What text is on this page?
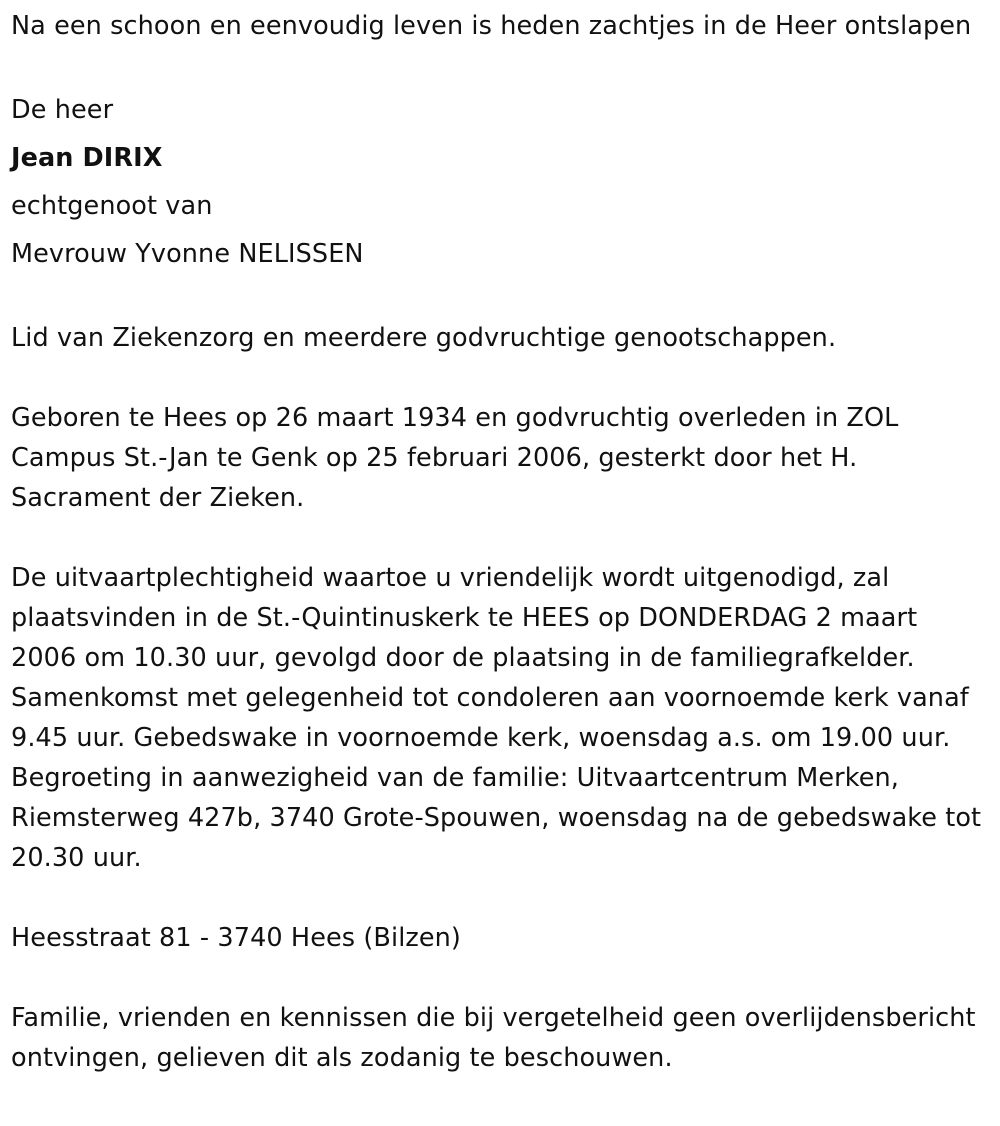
Na een schoon en eenvoudig leven is heden zachtjes in de Heer ontslapen

De heer

Jean DIRIX

echtgenoot van

Mevrouw Yvonne NELISSEN

Lid van Ziekenzorg en meerdere godvruchtige genootschappen.

Geboren te Hees op 26 maart 1934 en godvruchtig overleden in ZOL Campus St.-Jan te Genk op 25 februari 2006, gesterkt door het H. Sacrament der Zieken.

De uitvaartplechtigheid waartoe u vriendelijk wordt uitgenodigd, zal plaatsvinden in de St.-Quintinuskerk te HEES op DONDERDAG 2 maart 2006 om 10.30 uur, gevolgd door de plaatsing in de familiegrafkelder. Samenkomst met gelegenheid tot condoleren aan voornoemde kerk vanaf 9.45 uur. Gebedswake in voornoemde kerk, woensdag a.s. om 19.00 uur. Begroeting in aanwezigheid van de familie: Uitvaartcentrum Merken, Riemsterweg 427b, 3740 Grote-Spouwen, woensdag na de gebedswake tot 20.30 uur.

Heesstraat 81 - 3740 Hees (Bilzen)

Familie, vrienden en kennissen die bij vergetelheid geen overlijdensbericht ontvingen, gelieven dit als zodanig te beschouwen.
